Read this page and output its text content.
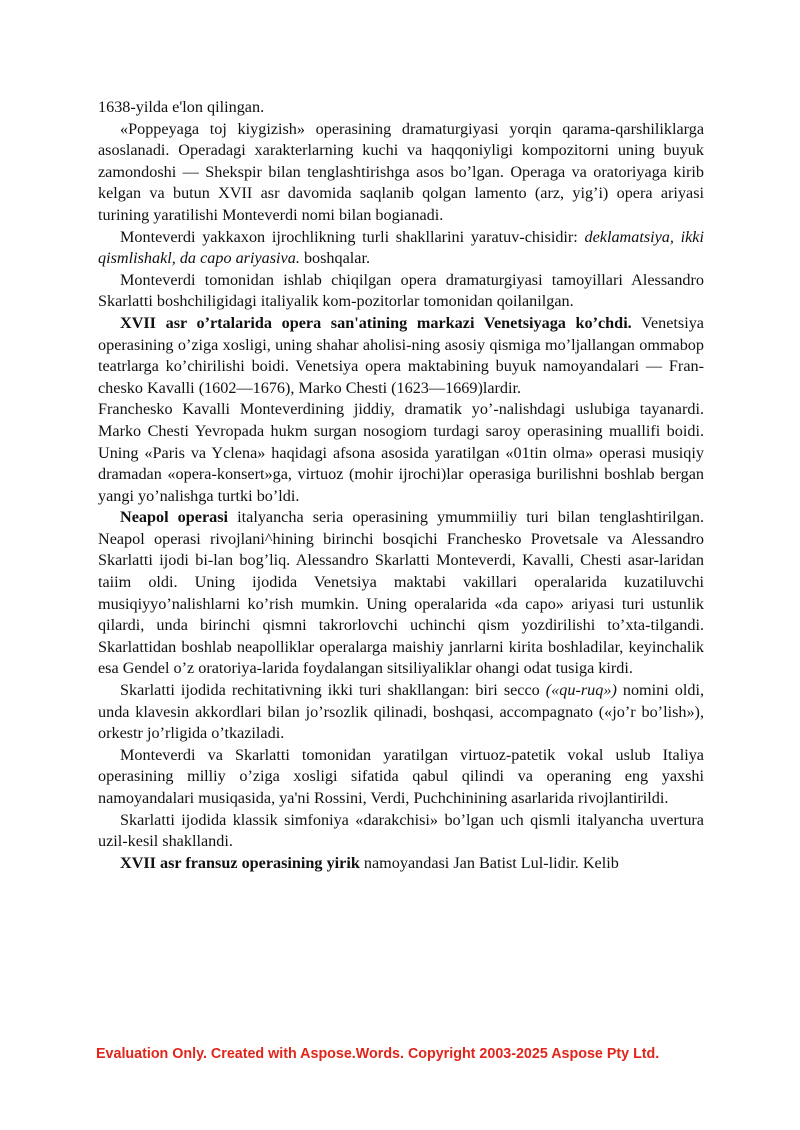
1638-yilda e'lon qilingan.

«Poppeyaga toj kiygizish» operasining dramaturgiyasi yorqin qarama-qarshiliklarga asoslanadi. Operadagi xarakterlarning kuchi va haqqoniyligi kompozitorni uning buyuk zamondoshi — Shekspir bilan tenglashtirishga asos bo’lgan. Operaga va oratoriyaga kirib kelgan va butun XVII asr davomida saqlanib qolgan lamento (arz, yig’i) opera ariyasi turining yaratilishi Monteverdi nomi bilan bogianadi.

Monteverdi yakkaxon ijrochlikning turli shakllarini yaratuv-chisidir: deklamatsiya, ikki qismlishakl, da capo ariyasiva. boshqalar.

Monteverdi tomonidan ishlab chiqilgan opera dramaturgiyasi tamoyillari Alessandro Skarlatti boshchiligidagi italiyalik kom-pozitorlar tomonidan qoilanilgan.

XVII asr o’rtalarida opera san'atining markazi Venetsiyaga ko’chdi. Venetsiya operasining o’ziga xosligi, uning shahar aholisi-ning asosiy qismiga mo’ljallangan ommabop teatrlarga ko’chirilishi boidi. Venetsiya opera maktabining buyuk namoyandalari — Fran-chesko Kavalli (1602—1676), Marko Chesti (1623—1669)lardir.

Franchesko Kavalli Monteverdining jiddiy, dramatik yo’-nalishdagi uslubiga tayanardi. Marko Chesti Yevropada hukm surgan nosogiom turdagi saroy operasining muallifi boidi. Uning «Paris va Yclena» haqidagi afsona asosida yaratilgan «01tin olma» operasi musiqiy dramadan «opera-konsert»ga, virtuoz (mohir ijrochi)lar operasiga burilishni boshlab bergan yangi yo’nalishga turtki bo’ldi.

Neapol operasi italyancha seria operasining ymummiiliy turi bilan tenglashtirilgan. Neapol operasi rivojlani^hining birinchi bosqichi Franchesko Provetsale va Alessandro Skarlatti ijodi bi-lan bog’liq. Alessandro Skarlatti Monteverdi, Kavalli, Chesti asar-laridan taiim oldi. Uning ijodida Venetsiya maktabi vakillari operalarida kuzatiluvchi musiqiyyo’nalishlarni ko’rish mumkin. Uning operalarida «da capo» ariyasi turi ustunlik qilardi, unda birinchi qismni takrorlovchi uchinchi qism yozdirilishi to’xta-tilgandi. Skarlattidan boshlab neapolliklar operalarga maishiy janrlarni kirita boshladilar, keyinchalik esa Gendel o’z oratoriya-larida foydalangan sitsiliyaliklar ohangi odat tusiga kirdi.

Skarlatti ijodida rechitativning ikki turi shakllangan: biri secco («qu-ruq») nomini oldi, unda klavesin akkordlari bilan jo’rsozlik qilinadi, boshqasi, accompagnato («jo’r bo’lish»), orkestr jo’rligida o’tkaziladi.

Monteverdi va Skarlatti tomonidan yaratilgan virtuoz-patetik vokal uslub Italiya operasining milliy o’ziga xosligi sifatida qabul qilindi va operaning eng yaxshi namoyandalari musiqasida, ya'ni Rossini, Verdi, Puchchinining asarlarida rivojlantirildi.

Skarlatti ijodida klassik simfoniya «darakchisi» bo’lgan uch qismli italyancha uvertura uzil-kesil shakllandi.

XVII asr fransuz operasining yirik namoyandasi Jan Batist Lul-lidir. Kelib

Evaluation Only. Created with Aspose.Words. Copyright 2003-2025 Aspose Pty Ltd.
